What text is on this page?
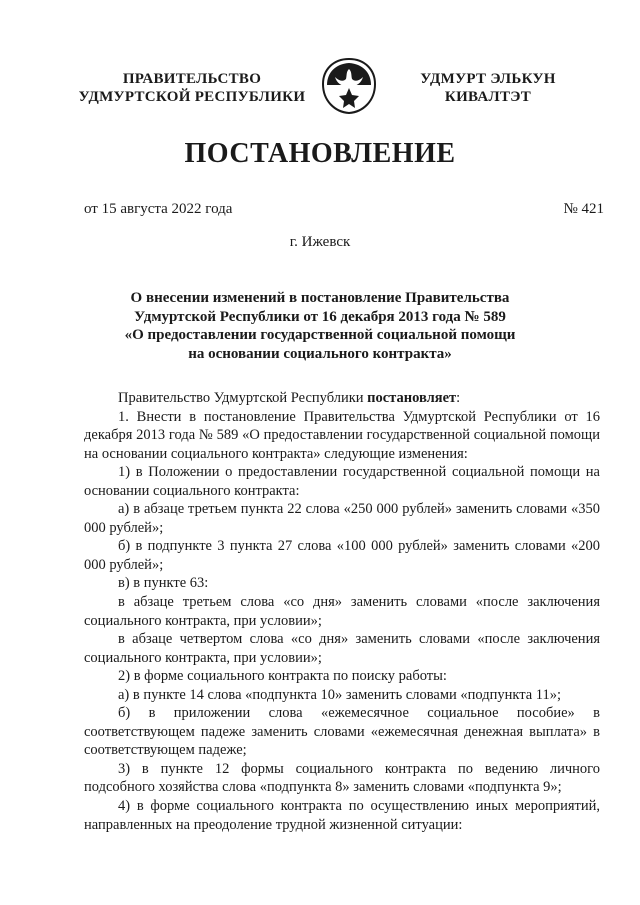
ПРАВИТЕЛЬСТВО
УДМУРТСКОЙ РЕСПУБЛИКИ
УДМУРТ ЭЛЬКУН
КИВАЛТЭТ
ПОСТАНОВЛЕНИЕ
от 15 августа 2022 года	№ 421
г. Ижевск
О внесении изменений в постановление Правительства
Удмуртской Республики от 16 декабря 2013 года № 589
«О предоставлении государственной социальной помощи
на основании социального контракта»

Правительство Удмуртской Республики постановляет:

1. Внести в постановление Правительства Удмуртской Республики от 16 декабря 2013 года № 589 «О предоставлении государственной социальной помощи на основании социального контракта» следующие изменения:

1) в Положении о предоставлении государственной социальной помощи на основании социального контракта:

а) в абзаце третьем пункта 22 слова «250 000 рублей» заменить словами «350 000 рублей»;

б) в подпункте 3 пункта 27 слова «100 000 рублей» заменить словами «200 000 рублей»;

в) в пункте 63:

в абзаце третьем слова «со дня» заменить словами «после заключения социального контракта, при условии»;

в абзаце четвертом слова «со дня» заменить словами «после заключения социального контракта, при условии»;

2) в форме социального контракта по поиску работы:

а) в пункте 14 слова «подпункта 10» заменить словами «подпункта 11»;

б) в приложении слова «ежемесячное социальное пособие» в соответствующем падеже заменить словами «ежемесячная денежная выплата» в соответствующем падеже;

3) в пункте 12 формы социального контракта по ведению личного подсобного хозяйства слова «подпункта 8» заменить словами «подпункта 9»;

4) в форме социального контракта по осуществлению иных мероприятий, направленных на преодоление трудной жизненной ситуации:
